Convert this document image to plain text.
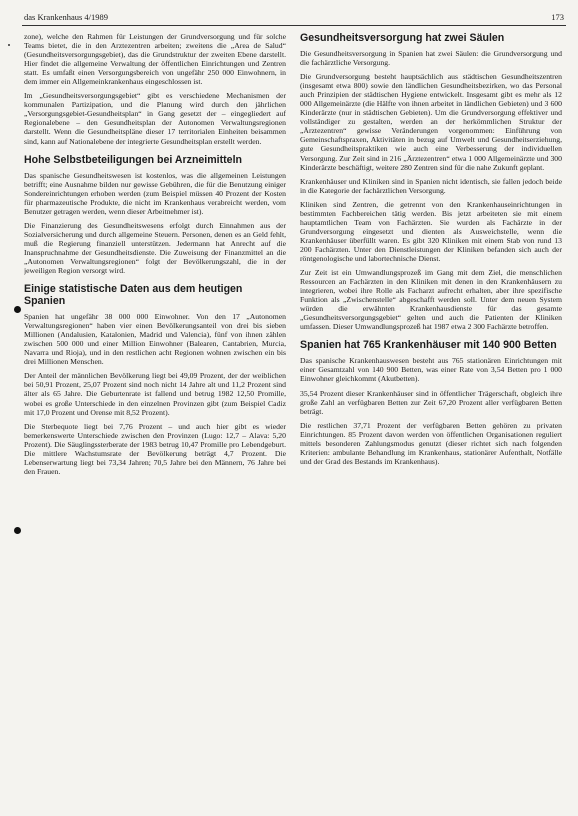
das Krankenhaus 4/1989	173

zone), welche den Rahmen für Leistungen der Grundversorgung und für solche Teams bietet, die in den Arztezentren arbeiten; zweitens die „Area de Salud“ (Gesundheitsversorgungsgebiet), das die Grundstruktur der zweiten Ebene darstellt. Hier findet die allgemeine Verwaltung der öffentlichen Einrichtungen und Zentren statt. Es umfaßt einen Versorgungsbereich von ungefähr 250 000 Einwohnern, in dem immer ein Allgemeinkrankenhaus eingeschlossen ist.

Im „Gesundheitsversorgungsgebiet“ gibt es verschiedene Mechanismen der kommunalen Partizipation, und die Planung wird durch den jährlichen „Versorgungsgebiet-Gesundheitsplan“ in Gang gesetzt der – eingegliedert auf Regionalebene – den Gesundheitsplan der Autonomen Verwaltungsregionen darstellt. Wenn die Gesundheitspläne dieser 17 territorialen Einheiten beisammen sind, kann auf Nationalebene der integrierte Gesundheitsplan erstellt werden.

Hohe Selbstbeteiligungen bei Arzneimitteln

Das spanische Gesundheitswesen ist kostenlos, was die allgemeinen Leistungen betrifft; eine Ausnahme bilden nur gewisse Gebühren, die für die Benutzung einiger Sondereinrichtungen erhoben werden (zum Beispiel müssen 40 Prozent der Kosten für pharmazeutische Produkte, die nicht im Krankenhaus verabreicht werden, vom Benutzer getragen werden, wenn dieser Arbeitnehmer ist).

Die Finanzierung des Gesundheitswesens erfolgt durch Einnahmen aus der Sozialversicherung und durch allgemeine Steuern. Personen, denen es an Geld fehlt, muß die Regierung finanziell unterstützen. Jedermann hat Anrecht auf die Inanspruchnahme der Gesundheitsdienste. Die Zuweisung der Finanzmittel an die „Autonomen Verwaltungsregionen“ folgt der Bevölkerungszahl, die in der jeweiligen Region versorgt wird.

Einige statistische Daten aus dem heutigen Spanien

Spanien hat ungefähr 38 000 000 Einwohner. Von den 17 „Autonomen Verwaltungsregionen“ haben vier einen Bevölkerungsanteil von drei bis sieben Millionen (Andalusien, Katalonien, Madrid und Valencia), fünf von ihnen zählen zwischen 500 000 und einer Million Einwohner (Balearen, Cantabrien, Murcia, Navarra und Rioja), und in den restlichen acht Regionen wohnen zwischen ein bis drei Millionen Menschen.

Der Anteil der männlichen Bevölkerung liegt bei 49,09 Prozent, der der weiblichen bei 50,91 Prozent, 25,07 Prozent sind noch nicht 14 Jahre alt und 11,2 Prozent sind älter als 65 Jahre. Die Geburtenrate ist fallend und betrug 1982 12,50 Promille, wobei es große Unterschiede in den einzelnen Provinzen gibt (zum Beispiel Cadiz mit 17,0 Prozent und Orense mit 8,52 Prozent).

Die Sterbequote liegt bei 7,76 Prozent – und auch hier gibt es wieder bemerkenswerte Unterschiede zwischen den Provinzen (Lugo: 12,7 – Alava: 5,20 Prozent). Die Säuglingssterberate der 1983 betrug 10,47 Promille pro Lebendgeburt. Die mittlere Wachstumsrate der Bevölkerung beträgt 4,7 Prozent. Die Lebenserwartung liegt bei 73,34 Jahren; 70,5 Jahre bei den Männern, 76 Jahre bei den Frauen.

Gesundheitsversorgung hat zwei Säulen

Die Gesundheitsversorgung in Spanien hat zwei Säulen: die Grundversorgung und die fachärztliche Versorgung.

Die Grundversorgung besteht hauptsächlich aus städtischen Gesundheitszentren (insgesamt etwa 800) sowie den ländlichen Gesundheitsbezirken, wo das Personal auch Prinzipien der städtischen Hygiene entwickelt. Insgesamt gibt es mehr als 12 000 Allgemeinärzte (die Hälfte von ihnen arbeitet in ländlichen Gebieten) und 3 600 Kinderärzte (nur in städtischen Gebieten). Um die Grundversorgung effektiver und vollständiger zu gestalten, werden an der herkömmlichen Struktur der „Ärztezentren“ gewisse Veränderungen vorgenommen: Einführung von Gemeinschaftspraxen, Aktivitäten in bezug auf Umwelt und Gesundheitserziehung, gute Gesundheitspraktiken wie auch eine Verbesserung der individuellen Versorgung. Zur Zeit sind in 216 „Ärztezentren“ etwa 1 000 Allgemeinärzte und 300 Kinderärzte beschäftigt, weitere 280 Zentren sind für die nahe Zukunft geplant.

Krankenhäuser und Kliniken sind in Spanien nicht identisch, sie fallen jedoch beide in die Kategorie der fachärztlichen Versorgung.

Kliniken sind Zentren, die getrennt von den Krankenhauseinrichtungen in bestimmten Fachbereichen tätig werden. Bis jetzt arbeiteten sie mit einem hauptamtlichen Team von Fachärzten. Sie wurden als Fachärzte in der Grundversorgung eingesetzt und dienten als Ausweichstelle, wenn die Krankenhäuser überfüllt waren. Es gibt 320 Kliniken mit einem Stab von rund 13 200 Fachärzten. Unter den Dienstleistungen der Kliniken befanden sich auch der röntgenologische und labortechnische Dienst.

Zur Zeit ist ein Umwandlungsprozeß im Gang mit dem Ziel, die menschlichen Ressourcen an Fachärzten in den Kliniken mit denen in den Krankenhäusern zu integrieren, wobei ihre Rolle als Facharzt aufrecht erhalten, aber ihre spezifische Funktion als „Zwischenstelle“ abgeschafft werden soll. Unter dem neuen System würden die erwähnten Krankenhausdienste für das gesamte „Gesundheitsversorgungsgebiet“ gelten und auch die Patienten der Kliniken umfassen. Dieser Umwandlungsprozeß hat 1987 etwa 2 300 Fachärzte betroffen.

Spanien hat 765 Krankenhäuser mit 140 900 Betten

Das spanische Krankenhauswesen besteht aus 765 stationären Einrichtungen mit einer Gesamtzahl von 140 900 Betten, was einer Rate von 3,54 Betten pro 1 000 Einwohner gleichkommt (Akutbetten).

35,54 Prozent dieser Krankenhäuser sind in öffentlicher Trägerschaft, obgleich ihre große Zahl an verfügbaren Betten zur Zeit 67,20 Prozent aller verfügbaren Betten beträgt.

Die restlichen 37,71 Prozent der verfügbaren Betten gehören zu privaten Einrichtungen. 85 Prozent davon werden von öffentlichen Organisationen reguliert mittels besonderen Zahlungsmodus genutzt (dieser richtet sich nach folgenden Kriterien: ambulante Behandlung im Krankenhaus, stationärer Aufenthalt, Notfälle und der Grad des Bestands im Krankenhaus).
